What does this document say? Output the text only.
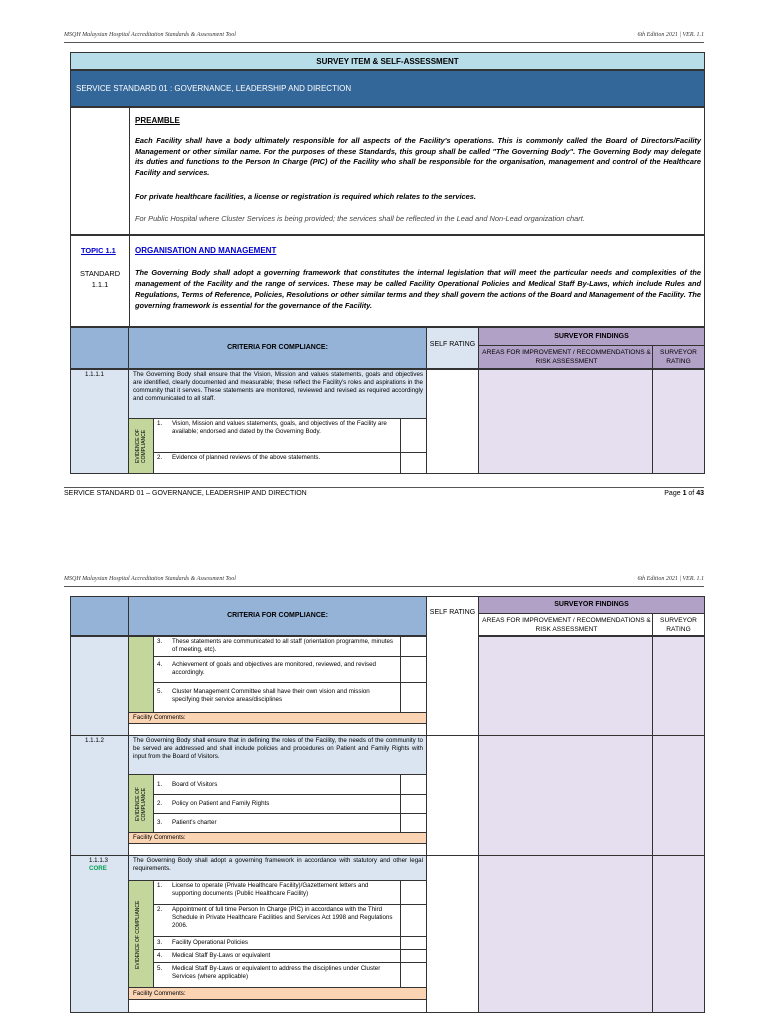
MSQH Malaysian Hospital Accreditation Standards & Assessment Tool	6th Edition 2021 | VER. 1.1
SURVEY ITEM & SELF-ASSESSMENT
SERVICE STANDARD 01 : GOVERNANCE, LEADERSHIP AND DIRECTION
PREAMBLE
Each Facility shall have a body ultimately responsible for all aspects of the Facility's operations. This is commonly called the Board of Directors/Facility Management or other similar name. For the purposes of these Standards, this group shall be called "The Governing Body". The Governing Body may delegate its duties and functions to the Person In Charge (PIC) of the Facility who shall be responsible for the organisation, management and control of the Healthcare Facility and services.
For private healthcare facilities, a license or registration is required which relates to the services.
For Public Hospital where Cluster Services is being provided; the services shall be reflected in the Lead and Non-Lead organization chart.
TOPIC 1.1 ORGANISATION AND MANAGEMENT
STANDARD
1.1.1
The Governing Body shall adopt a governing framework that constitutes the internal legislation that will meet the particular needs and complexities of the management of the Facility and the range of services. These may be called Facility Operational Policies and Medical Staff By-Laws, which include Rules and Regulations, Terms of Reference, Policies, Resolutions or other similar terms and they shall govern the actions of the Board and Management of the Facility. The governing framework is essential for the governance of the Facility.
CRITERIA FOR COMPLIANCE:	SELF RATING
SURVEYOR FINDINGS
AREAS FOR IMPROVEMENT / RECOMMENDATIONS & RISK ASSESSMENT
SURVEYOR RATING
1.1.1.1	The Governing Body shall ensure that the Vision, Mission and values statements, goals and objectives are identified, clearly documented and measurable; these reflect the Facility's roles and aspirations in the community that it serves. These statements are monitored, reviewed and revised as required accordingly and communicated to all staff.
EVIDENCE OF COMPLIANCE
1. Vision, Mission and values statements, goals, and objectives of the Facility are available; endorsed and dated by the Governing Body.
2. Evidence of planned reviews of the above statements.
SERVICE STANDARD 01 – GOVERNANCE, LEADERSHIP AND DIRECTION	Page 1 of 43
MSQH Malaysian Hospital Accreditation Standards & Assessment Tool	6th Edition 2021 | VER. 1.1
CRITERIA FOR COMPLIANCE:	SELF RATING
SURVEYOR FINDINGS
AREAS FOR IMPROVEMENT / RECOMMENDATIONS & RISK ASSESSMENT
SURVEYOR RATING
3. These statements are communicated to all staff (orientation programme, minutes of meeting, etc).
4. Achievement of goals and objectives are monitored, reviewed, and revised accordingly.
5. Cluster Management Committee shall have their own vision and mission specifying their service areas/disciplines
Facility Comments:
1.1.1.2	The Governing Body shall ensure that in defining the roles of the Facility, the needs of the community to be served are addressed and shall include policies and procedures on Patient and Family Rights with input from the Board of Visitors.
EVIDENCE OF COMPLIANCE
1. Board of Visitors
2. Policy on Patient and Family Rights
3. Patient's charter
Facility Comments:
1.1.1.3
CORE
The Governing Body shall adopt a governing framework in accordance with statutory and other legal requirements.
EVIDENCE OF COMPLIANCE
1. License to operate (Private Healthcare Facility)/Gazettement letters and supporting documents (Public Healthcare Facility)
2. Appointment of full time Person In Charge (PIC) in accordance with the Third Schedule in Private Healthcare Facilities and Services Act 1998 and Regulations 2006.
3. Facility Operational Policies
4. Medical Staff By-Laws or equivalent
5. Medical Staff By-Laws or equivalent to address the disciplines under Cluster Services (where applicable)
Facility Comments:
